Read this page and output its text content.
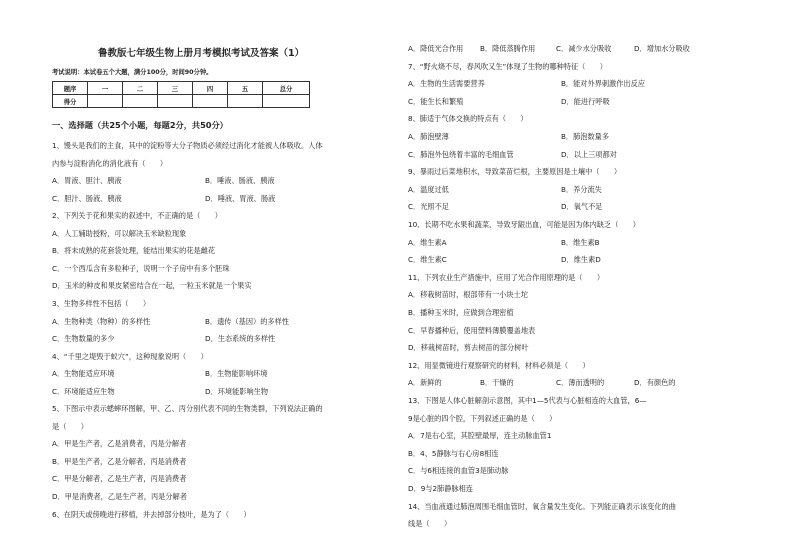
鲁教版七年级生物上册月考模拟考试及答案（1）
考试说明：本试卷五个大题，满分100分，时间90分钟。
题序	一	二	三	四	五	总分
得分						
一、选择题（共25个小题，每题2分，共50分）
1、馒头是我们的主食，其中的淀粉等大分子物质必须经过消化才能被人体吸收。人体
内参与淀粉消化的消化液有（　　）
A．胃液、胆汁、胰液	B．唾液、肠液、胰液
C．胆汁、肠液、胰液	D．唾液、胃液、肠液
2、下列关于花和果实的叙述中，不正确的是（　　）
A．人工辅助授粉，可以解决玉米缺粒现象
B．将未成熟的花套袋处理，能结出果实的花是雌花
C．一个西瓜含有多粒种子，说明一个子房中有多个胚珠
D．玉米的种皮和果皮紧密结合在一起，一粒玉米就是一个果实
3、生物多样性不包括（　　）
A．生物种类（物种）的多样性	B．遗传（基因）的多样性
C．生物数量的多少	D．生态系统的多样性
4、“千里之堤毁于蚁穴”，这种现象说明（　　）
A．生物能适应环境	B．生物能影响环境
C．环境能适应生物	D．环境能影响生物
5、下图示中表示蟋蟀环图解，甲、乙、丙分别代表不同的生物类群，下列说法正确的
是（　　）
A．甲是生产者，乙是消费者，丙是分解者
B．甲是生产者，乙是分解者，丙是消费者
C．甲是分解者，乙是生产者，丙是消费者
D．甲是消费者，乙是生产者，丙是分解者
6、在阴天或傍晚进行移植，并去掉部分枝叶，是为了（　　）
A．降低光合作用 B．降低蒸腾作用	C．减少水分吸收	D．增加水分吸收
7、“野火烧不尽，春风吹又生”体现了生物的哪种特征（　　）
A．生物的生活需要营养	B．能对外界刺激作出反应
C．能生长和繁殖	D．能进行呼吸
8、肺适于气体交换的特点有（　　）
A．肺泡壁薄	B．肺泡数量多
C．肺泡外包绕着丰富的毛细血管	D．以上三项都对
9、暴雨过后菜地积水，导致菜苗烂根，主要原因是土壤中（　　）
A．温度过低	B．养分流失
C．光照不足	D．氧气不足
10、长期不吃水果和蔬菜，导致牙龈出血，可能是因为体内缺乏（　　）
A．维生素A	B．维生素B
C．维生素C	D．维生素D
11、下列农业生产措施中，应用了光合作用原理的是（　　）
A．移栽树苗时，根部带有一小块土坨
B．播种玉米时，应做到合理密植
C．早春播种后，使用塑料薄膜覆盖地表
D．移栽树苗时，剪去树苗的部分树叶
12、用显微镜进行观察研究的材料，材料必须是（　　）
A．新鲜的	B．干燥的	C．薄而透明的	D．有颜色的
13、下图是人体心脏解剖示意图，其中1—5代表与心脏相连的大血管，6—
9是心脏的四个腔，下列叙述正确的是（　　）
A．7是右心室，其腔壁最厚，连主动脉血管1
B．4、5静脉与右心房8相连
C．与6相连接的血管3是肺动脉
D．9与2肺静脉相连
14、当血液通过肺泡周围毛细血管时，氧含量发生变化。下列能正确表示该变化的曲
线是（　　）
